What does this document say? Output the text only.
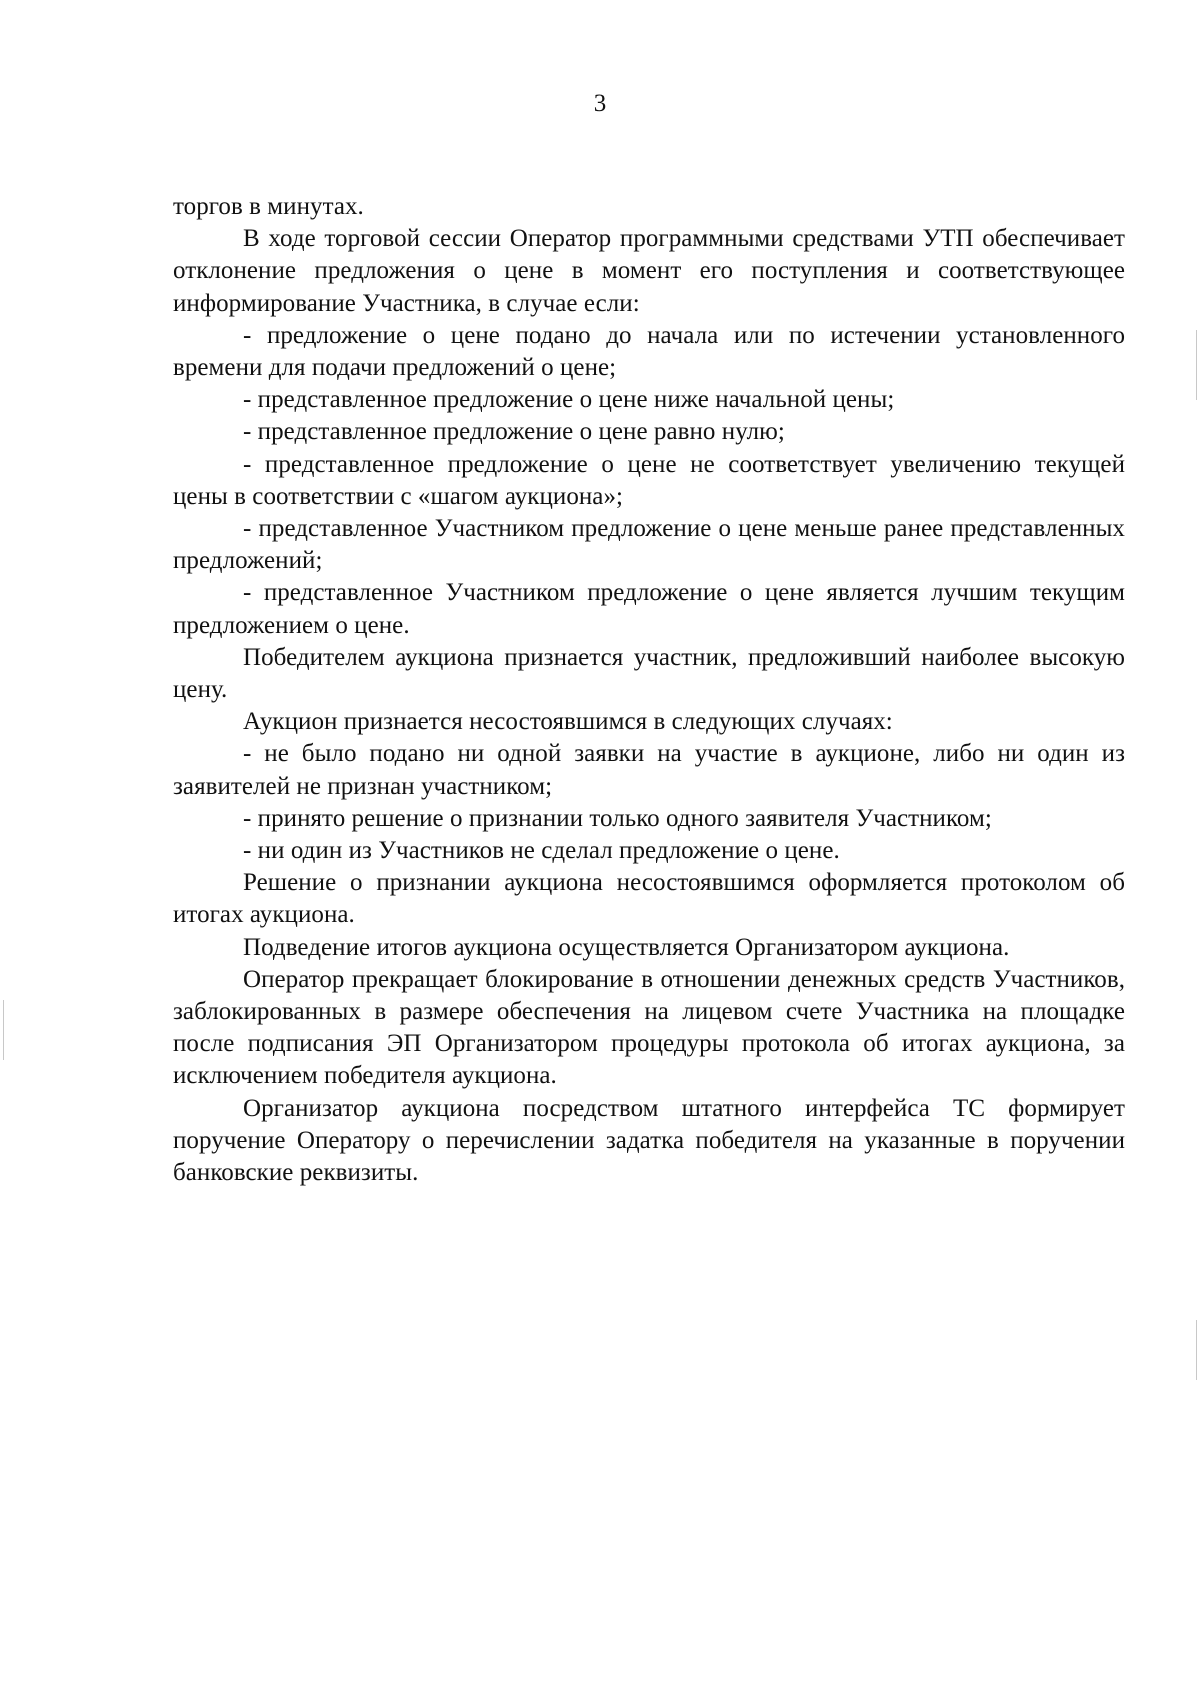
3

торгов в минутах.

В ходе торговой сессии Оператор программными средствами УТП обеспечивает отклонение предложения о цене в момент его поступления и соответствующее информирование Участника, в случае если:

- предложение о цене подано до начала или по истечении установленного времени для подачи предложений о цене;

- представленное предложение о цене ниже начальной цены;

- представленное предложение о цене равно нулю;

- представленное предложение о цене не соответствует увеличению текущей цены в соответствии с «шагом аукциона»;

- представленное Участником предложение о цене меньше ранее представленных предложений;

- представленное Участником предложение о цене является лучшим текущим предложением о цене.

Победителем аукциона признается участник, предложивший наиболее высокую цену.

Аукцион признается несостоявшимся в следующих случаях:

- не было подано ни одной заявки на участие в аукционе, либо ни один из заявителей не признан участником;

- принято решение о признании только одного заявителя Участником;

- ни один из Участников не сделал предложение о цене.

Решение о признании аукциона несостоявшимся оформляется протоколом об итогах аукциона.

Подведение итогов аукциона осуществляется Организатором аукциона.

Оператор прекращает блокирование в отношении денежных средств Участников, заблокированных в размере обеспечения на лицевом счете Участника на площадке после подписания ЭП Организатором процедуры протокола об итогах аукциона, за исключением победителя аукциона.

Организатор аукциона посредством штатного интерфейса ТС формирует поручение Оператору о перечислении задатка победителя на указанные в поручении банковские реквизиты.
